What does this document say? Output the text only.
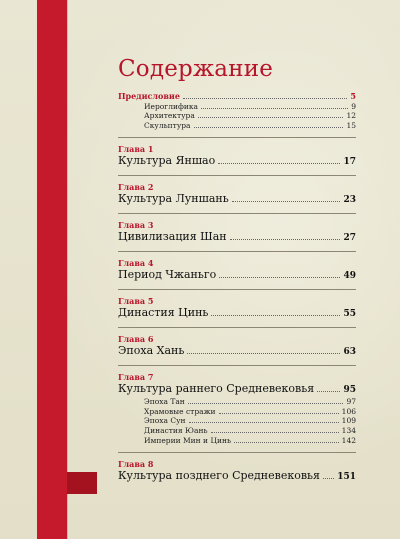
Содержание
Предисловие	5
Иероглифика	9
Архитектура	12
Скульптура	15
Глава 1
Культура Яншао	17
Глава 2
Культура Луншань	23
Глава 3
Цивилизация Шан	27
Глава 4
Период Чжаньго	49
Глава 5
Династия Цинь	55
Глава 6
Эпоха Хань	63
Глава 7
Культура раннего Средневековья	95
Эпоха Тан	97
Храмовые стражи	106
Эпоха Сун	109
Династия Юань	134
Империи Мин и Цинь	142
Глава 8
Культура позднего Средневековья 151
